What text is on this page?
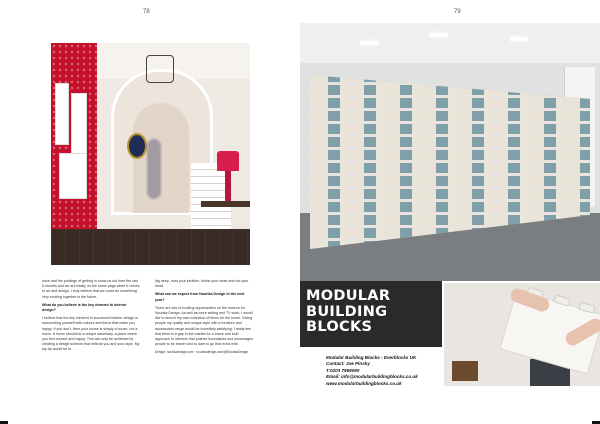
78

have had the privilege of getting to know us out here the last 6 months and we are totally on the same page when it comes to art and design, I truly believe that we could do something very exciting together in the future.

What do you believe is the key element to interior design?

I believe that the key element to successful interior design is surrounding yourself with colours and items that make you happy. If you don't, then your house is simply a house, not a home. A home should be a unique sanctuary, a place where you feel content and happy. This can only be achieved by creating a design scheme that reflects you and your style. My top tip would be to

dig deep, trust your intuition, follow your heart and not your head.

What can we expect from Nourika Design in the next year?

There are lots of exciting opportunities on the horizon for Nourika Design. As well as more writing and TV work, I would like to launch my own collection of items for the home. Giving people my quality and unique style with a furniture and accessories range would be incredibly satisfying. I really feel that there is a gap in the market for a brave and bold approach to interiors that pushes boundaries and encourages people to be braver and to dare to go that extra mile.

Design: nourikadesign.com · nourikadesign.com/@NourikaDesign

79
MODULAR
BUILDING
BLOCKS
Modular Building Blocks - Everblocks UK
Contact: Joe Pinsky
T:0203 7959090
Email: info@modularbuildingblocks.co.uk
www.modularbuildingblocks.co.uk
